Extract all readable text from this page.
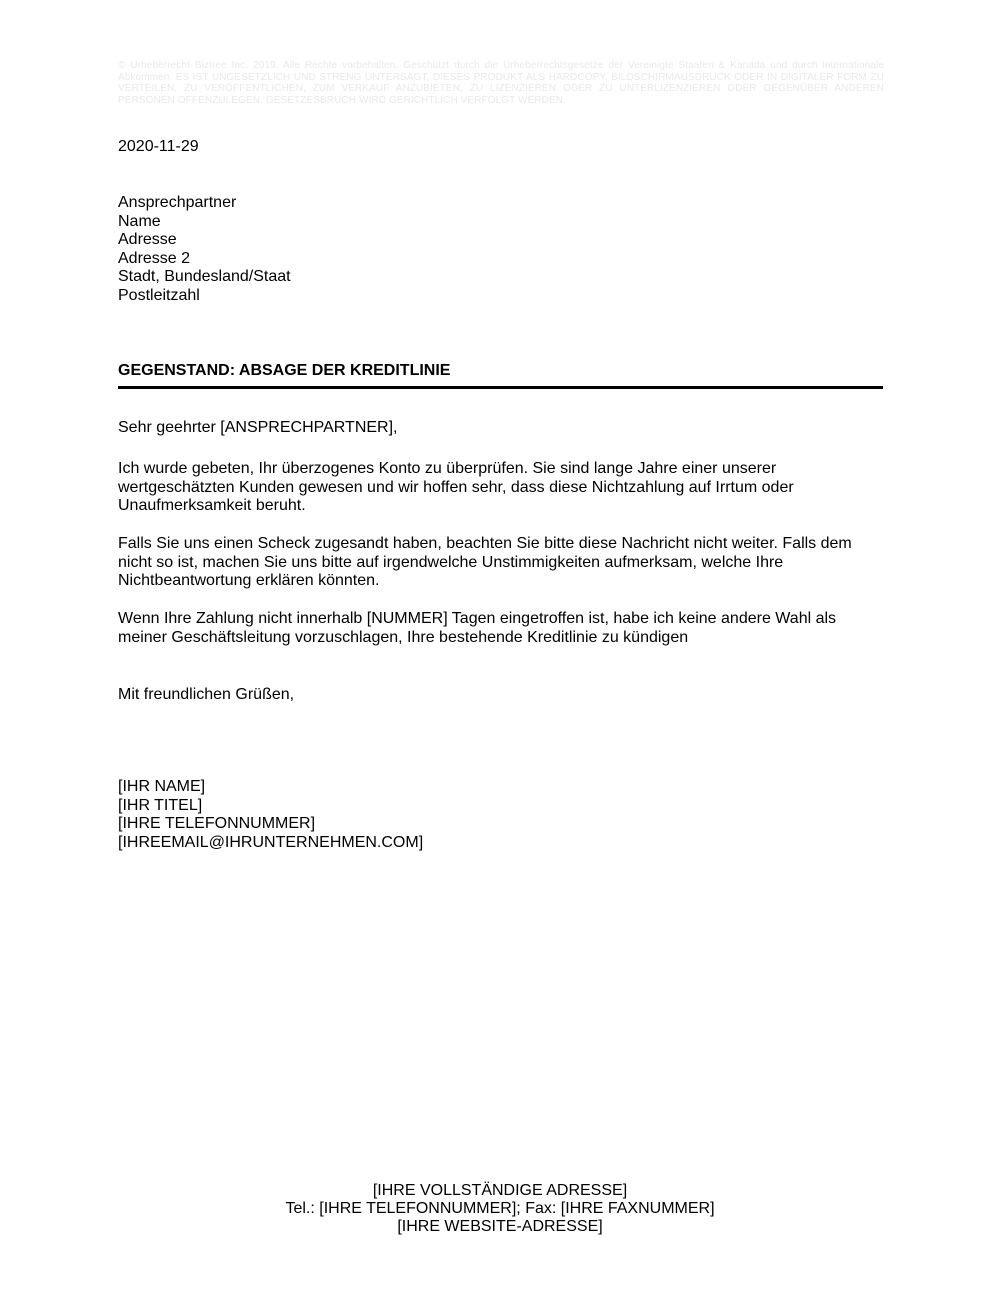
© Urheberrecht Biztree Inc. 2019. Alle Rechte vorbehalten. Geschützt durch die Urheberrechtsgesetze der Vereinigte Staaten & Kanada und durch internationale Abkommen. ES IST UNGESETZLICH UND STRENG UNTERSAGT, DIESES PRODUKT ALS HARDCOPY, BILDSCHIRMAUSDRUCK ODER IN DIGITALER FORM ZU VERTEILEN, ZU VERÖFFENTLICHEN, ZUM VERKAUF ANZUBIETEN, ZU LIZENZIEREN ODER ZU UNTERLIZENZIEREN ODER GEGENÜBER ANDEREN PERSONEN OFFENZULEGEN. GESETZESBRUCH WIRD GERICHTLICH VERFOLGT WERDEN.
2020-11-29
Ansprechpartner
Name
Adresse
Adresse 2
Stadt, Bundesland/Staat
Postleitzahl
GEGENSTAND: ABSAGE DER KREDITLINIE
Sehr geehrter [ANSPRECHPARTNER],
Ich wurde gebeten, Ihr überzogenes Konto zu überprüfen. Sie sind lange Jahre einer unserer wertgeschätzten Kunden gewesen und wir hoffen sehr, dass diese Nichtzahlung auf Irrtum oder Unaufmerksamkeit beruht.
Falls Sie uns einen Scheck zugesandt haben, beachten Sie bitte diese Nachricht nicht weiter. Falls dem nicht so ist, machen Sie uns bitte auf irgendwelche Unstimmigkeiten aufmerksam, welche Ihre Nichtbeantwortung erklären könnten.
Wenn Ihre Zahlung nicht innerhalb [NUMMER] Tagen eingetroffen ist, habe ich keine andere Wahl als meiner Geschäftsleitung vorzuschlagen, Ihre bestehende Kreditlinie zu kündigen
Mit freundlichen Grüßen,
[IHR NAME]
[IHR TITEL]
[IHRE TELEFONNUMMER]
[IHREEMAIL@IHRUNTERNEHMEN.COM]
[IHRE VOLLSTÄNDIGE ADRESSE]
Tel.: [IHRE TELEFONNUMMER]; Fax: [IHRE FAXNUMMER]
[IHRE WEBSITE-ADRESSE]
